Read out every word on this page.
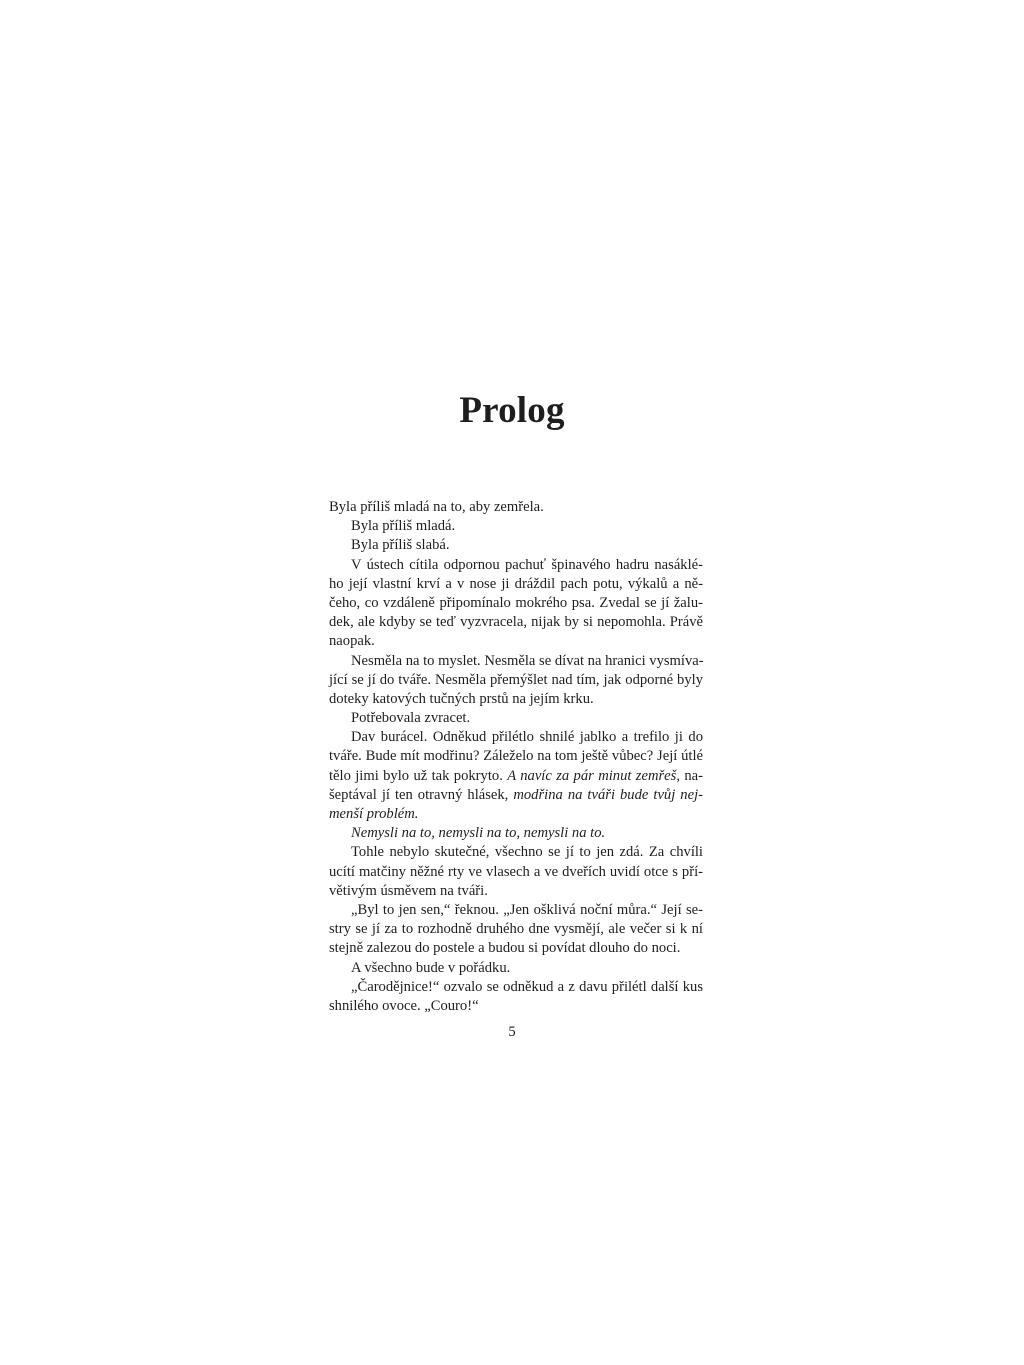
Prolog
Byla příliš mladá na to, aby zemřela.
Byla příliš mladá.
Byla příliš slabá.
V ústech cítila odpornou pachuť špinavého hadru nasáklé-
ho její vlastní krví a v nose ji dráždil pach potu, výkalů a ně-
čeho, co vzdáleně připomínalo mokrého psa. Zvedal se jí žalu-
dek, ale kdyby se teď vyzvracela, nijak by si nepomohla. Právě
naopak.
Nesměla na to myslet. Nesměla se dívat na hranici vysmíva-
jící se jí do tváře. Nesměla přemýšlet nad tím, jak odporné byly
doteky katových tučných prstů na jejím krku.
Potřebovala zvracet.
Dav burácel. Odněkud přilétlo shnilé jablko a trefilo ji do
tváře. Bude mít modřinu? Záleželo na tom ještě vůbec? Její útlé
tělo jimi bylo už tak pokryto. A navíc za pár minut zemřeš, na-
šeptával jí ten otravný hlásek, modřina na tváři bude tvůj nej-
menší problém.
Nemysli na to, nemysli na to, nemysli na to.
Tohle nebylo skutečné, všechno se jí to jen zdá. Za chvíli
ucítí matčiny něžné rty ve vlasech a ve dveřích uvidí otce s pří-
větivým úsměvem na tváři.
„Byl to jen sen,“ řeknou. „Jen ošklivá noční můra.“ Její se-
stry se jí za to rozhodně druhého dne vysmějí, ale večer si k ní
stejně zalezou do postele a budou si povídat dlouho do noci.
A všechno bude v pořádku.
„Čarodějnice!“ ozvalo se odněkud a z davu přilétl další kus
shnilého ovoce. „Couro!“
5
